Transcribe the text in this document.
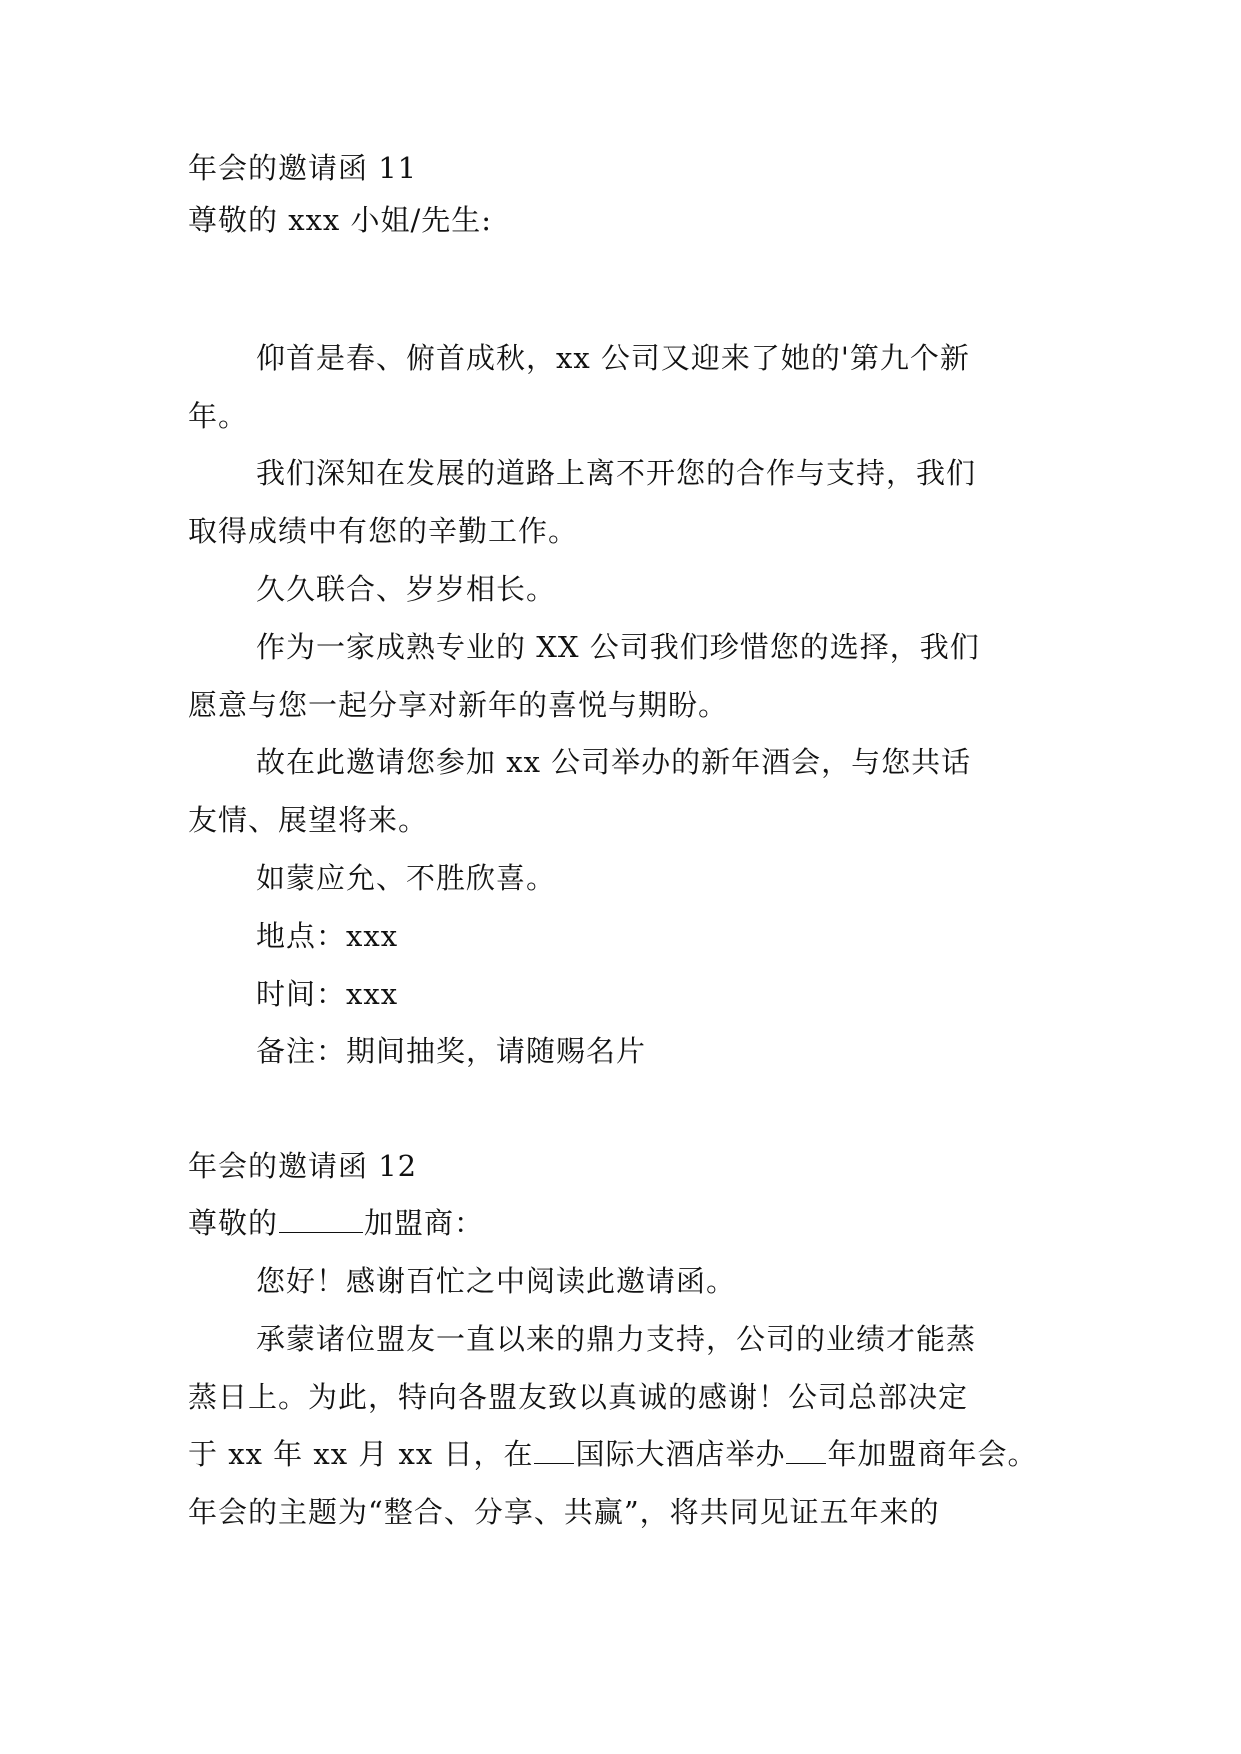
年会的邀请函 11
尊敬的 xxx 小姐/先生:
仰首是春、俯首成秋，xx 公司又迎来了她的'第九个新
年。
我们深知在发展的道路上离不开您的合作与支持，我们
取得成绩中有您的辛勤工作。
久久联合、岁岁相长。
作为一家成熟专业的 XX 公司我们珍惜您的选择，我们
愿意与您一起分享对新年的喜悦与期盼。
故在此邀请您参加 xx 公司举办的新年酒会，与您共话
友情、展望将来。
如蒙应允、不胜欣喜。
地点：xxx
时间：xxx
备注：期间抽奖，请随赐名片
年会的邀请函 12
尊敬的	加盟商：
您好！感谢百忙之中阅读此邀请函。
承蒙诸位盟友一直以来的鼎力支持，公司的业绩才能蒸
蒸日上。为此，特向各盟友致以真诚的感谢！公司总部决定
于 xx 年 xx 月 xx 日，在 国际大酒店举办 年加盟商年会。
年会的主题为“整合、分享、共赢”，将共同见证五年来的
